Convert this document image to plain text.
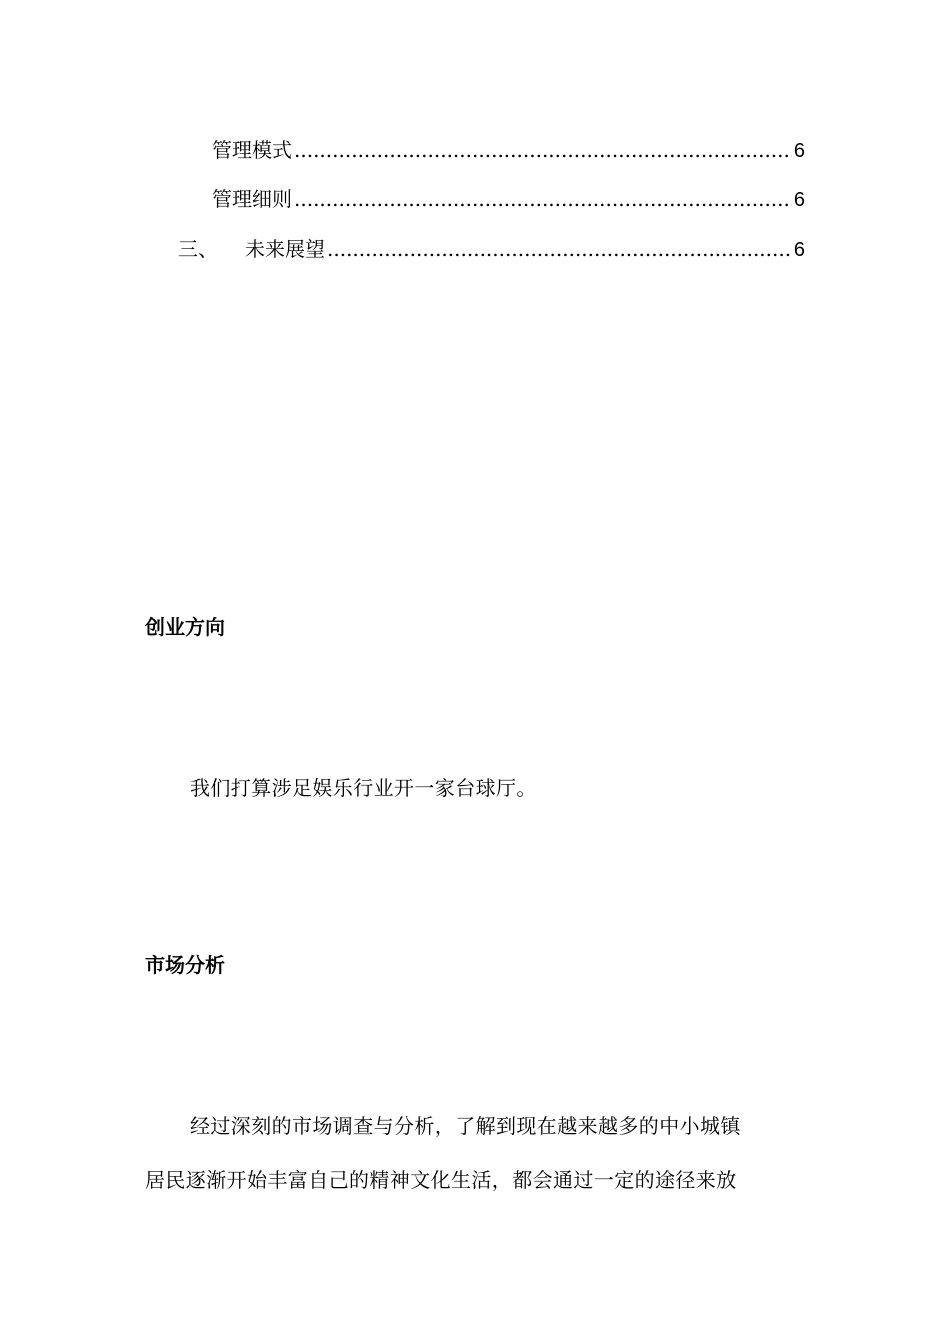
管理模式 .....	6
管理细则 .....	6
三、	未来展望 .....	6
创业方向
我们打算涉足娱乐行业开一家台球厅。
市场分析
经过深刻的市场调查与分析，了解到现在越来越多的中小城镇
居民逐渐开始丰富自己的精神文化生活，都会通过一定的途径来放
